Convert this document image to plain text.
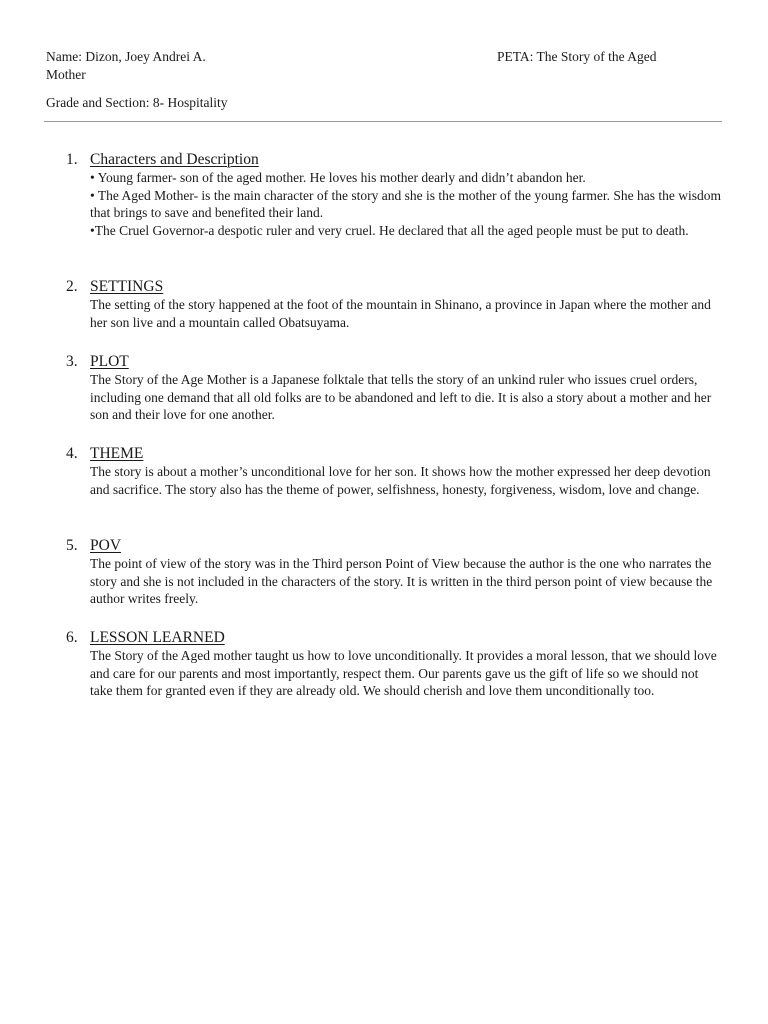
Name: Dizon, Joey Andrei A.	PETA: The Story of the Aged
Mother
Grade and Section: 8- Hospitality
1. Characters and Description

• Young farmer- son of the aged mother. He loves his mother dearly and didn’t abandon her.

• The Aged Mother- is the main character of the story and she is the mother of the young farmer. She has the wisdom that brings to save and benefited their land.

•The Cruel Governor-a despotic ruler and very cruel. He declared that all the aged people must be put to death.

2. SETTINGS

The setting of the story happened at the foot of the mountain in Shinano, a province in Japan where the mother and her son live and a mountain called Obatsuyama.

3. PLOT

The Story of the Age Mother is a Japanese folktale that tells the story of an unkind ruler who issues cruel orders, including one demand that all old folks are to be abandoned and left to die. It is also a story about a mother and her son and their love for one another.

4. THEME

The story is about a mother’s unconditional love for her son. It shows how the mother expressed her deep devotion and sacrifice. The story also has the theme of power, selfishness, honesty, forgiveness, wisdom, love and change.

5. POV

The point of view of the story was in the Third person Point of View because the author is the one who narrates the story and she is not included in the characters of the story. It is written in the third person point of view because the author writes freely.

6. LESSON LEARNED

The Story of the Aged mother taught us how to love unconditionally. It provides a moral lesson, that we should love and care for our parents and most importantly, respect them. Our parents gave us the gift of life so we should not take them for granted even if they are already old. We should cherish and love them unconditionally too.
